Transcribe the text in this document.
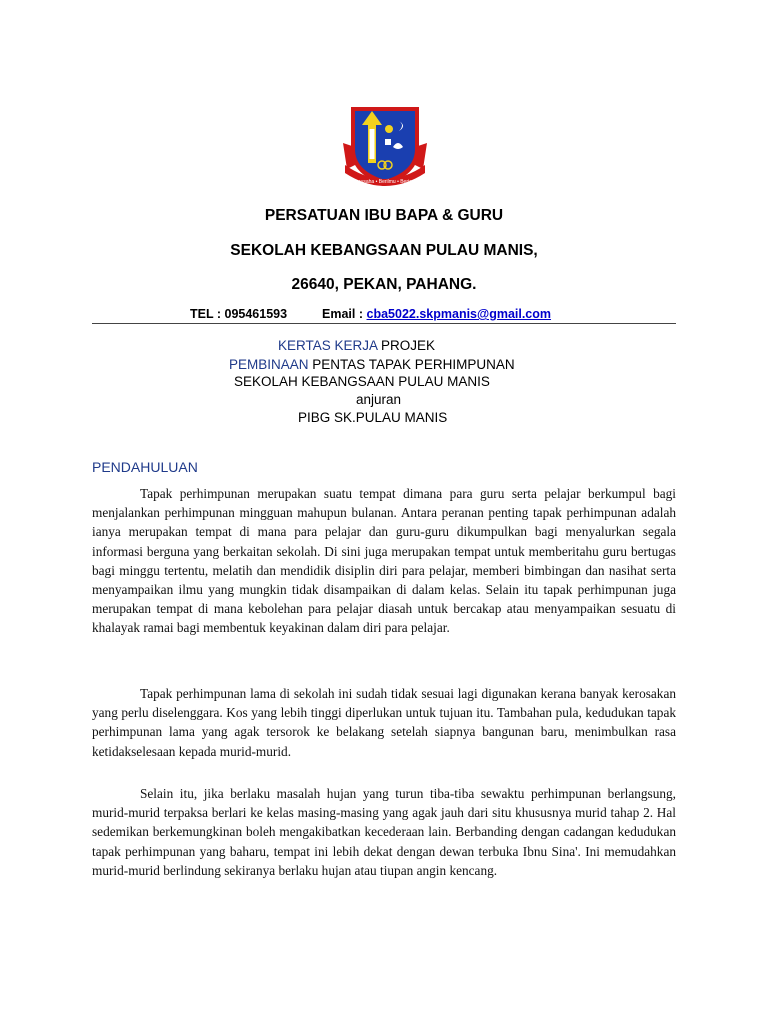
Berusaha • Berilmu • Berjaya
PERSATUAN IBU BAPA & GURU
SEKOLAH KEBANGSAAN PULAU MANIS,
26640, PEKAN, PAHANG.
TEL : 095461593	Email : cba5022.skpmanis@gmail.com
KERTAS KERJA PROJEK
PEMBINAAN PENTAS TAPAK PERHIMPUNAN
SEKOLAH KEBANGSAAN PULAU MANIS
anjuran
PIBG SK.PULAU MANIS
PENDAHULUAN

Tapak perhimpunan merupakan suatu tempat dimana para guru serta pelajar berkumpul bagi menjalankan perhimpunan mingguan mahupun bulanan. Antara peranan penting tapak perhimpunan adalah ianya merupakan tempat di mana para pelajar dan guru-guru dikumpulkan bagi menyalurkan segala informasi berguna yang berkaitan sekolah. Di sini juga merupakan tempat untuk memberitahu guru bertugas bagi minggu tertentu, melatih dan mendidik disiplin diri para pelajar, memberi bimbingan dan nasihat serta menyampaikan ilmu yang mungkin tidak disampaikan di dalam kelas. Selain itu tapak perhimpunan juga merupakan tempat di mana kebolehan para pelajar diasah untuk bercakap atau menyampaikan sesuatu di khalayak ramai bagi membentuk keyakinan dalam diri para pelajar.

Tapak perhimpunan lama di sekolah ini sudah tidak sesuai lagi digunakan kerana banyak kerosakan yang perlu diselenggara. Kos yang lebih tinggi diperlukan untuk tujuan itu. Tambahan pula, kedudukan tapak perhimpunan lama yang agak tersorok ke belakang setelah siapnya bangunan baru, menimbulkan rasa ketidakselesaan kepada murid-murid.

Selain itu, jika berlaku masalah hujan yang turun tiba-tiba sewaktu perhimpunan berlangsung, murid-murid terpaksa berlari ke kelas masing-masing yang agak jauh dari situ khususnya murid tahap 2. Hal sedemikan berkemungkinan boleh mengakibatkan kecederaan lain. Berbanding dengan cadangan kedudukan tapak perhimpunan yang baharu, tempat ini lebih dekat dengan dewan terbuka Ibnu Sina'. Ini memudahkan murid-murid berlindung sekiranya berlaku hujan atau tiupan angin kencang.
